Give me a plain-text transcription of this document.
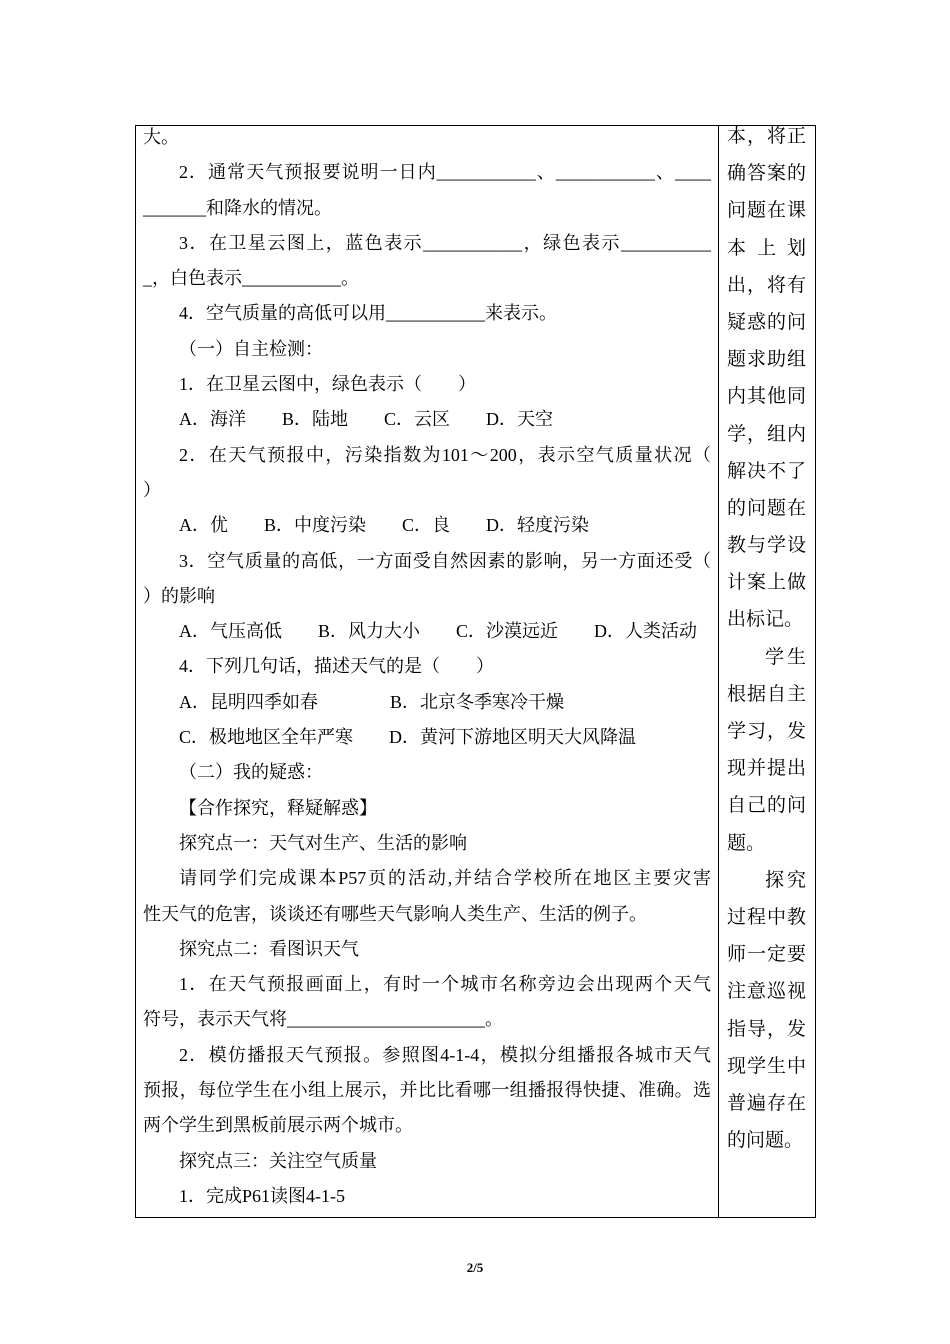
大。
2．通常天气预报要说明一日内___________、___________、____
_______和降水的情况。
3．在卫星云图上，蓝色表示___________，绿色表示__________
_，白色表示___________。
4．空气质量的高低可以用___________来表示。
（一）自主检测：
1．在卫星云图中，绿色表示（　　）
A．海洋　　B．陆地　　C．云区　　D．天空
2．在天气预报中，污染指数为101～200，表示空气质量状况（
）
A．优　　B．中度污染　　C．良　　D．轻度污染
3．空气质量的高低，一方面受自然因素的影响，另一方面还受（
）的影响
A．气压高低　　B．风力大小　　C．沙漠远近　　D．人类活动
4．下列几句话，描述天气的是（　　）
A．昆明四季如春　　　　B．北京冬季寒冷干燥
C．极地地区全年严寒　　D．黄河下游地区明天大风降温
（二）我的疑惑：
【合作探究，释疑解惑】
探究点一：天气对生产、生活的影响
请同学们完成课本P57页的活动,并结合学校所在地区主要灾害
性天气的危害，谈谈还有哪些天气影响人类生产、生活的例子。
探究点二：看图识天气
1．在天气预报画面上，有时一个城市名称旁边会出现两个天气
符号，表示天气将______________________。
2．模仿播报天气预报。参照图4-1-4，模拟分组播报各城市天气
预报，每位学生在小组上展示，并比比看哪一组播报得快捷、准确。选
两个学生到黑板前展示两个城市。
探究点三：关注空气质量
1．完成P61读图4-1-5
本，将正
确答案的
问题在课
本上划
出，将有
疑惑的问
题求助组
内其他同
学，组内
解决不了
的问题在
教与学设
计案上做
出标记。
学生
根据自主
学习，发
现并提出
自己的问
题。
探究
过程中教
师一定要
注意巡视
指导，发
现学生中
普遍存在
的问题。
2/5
